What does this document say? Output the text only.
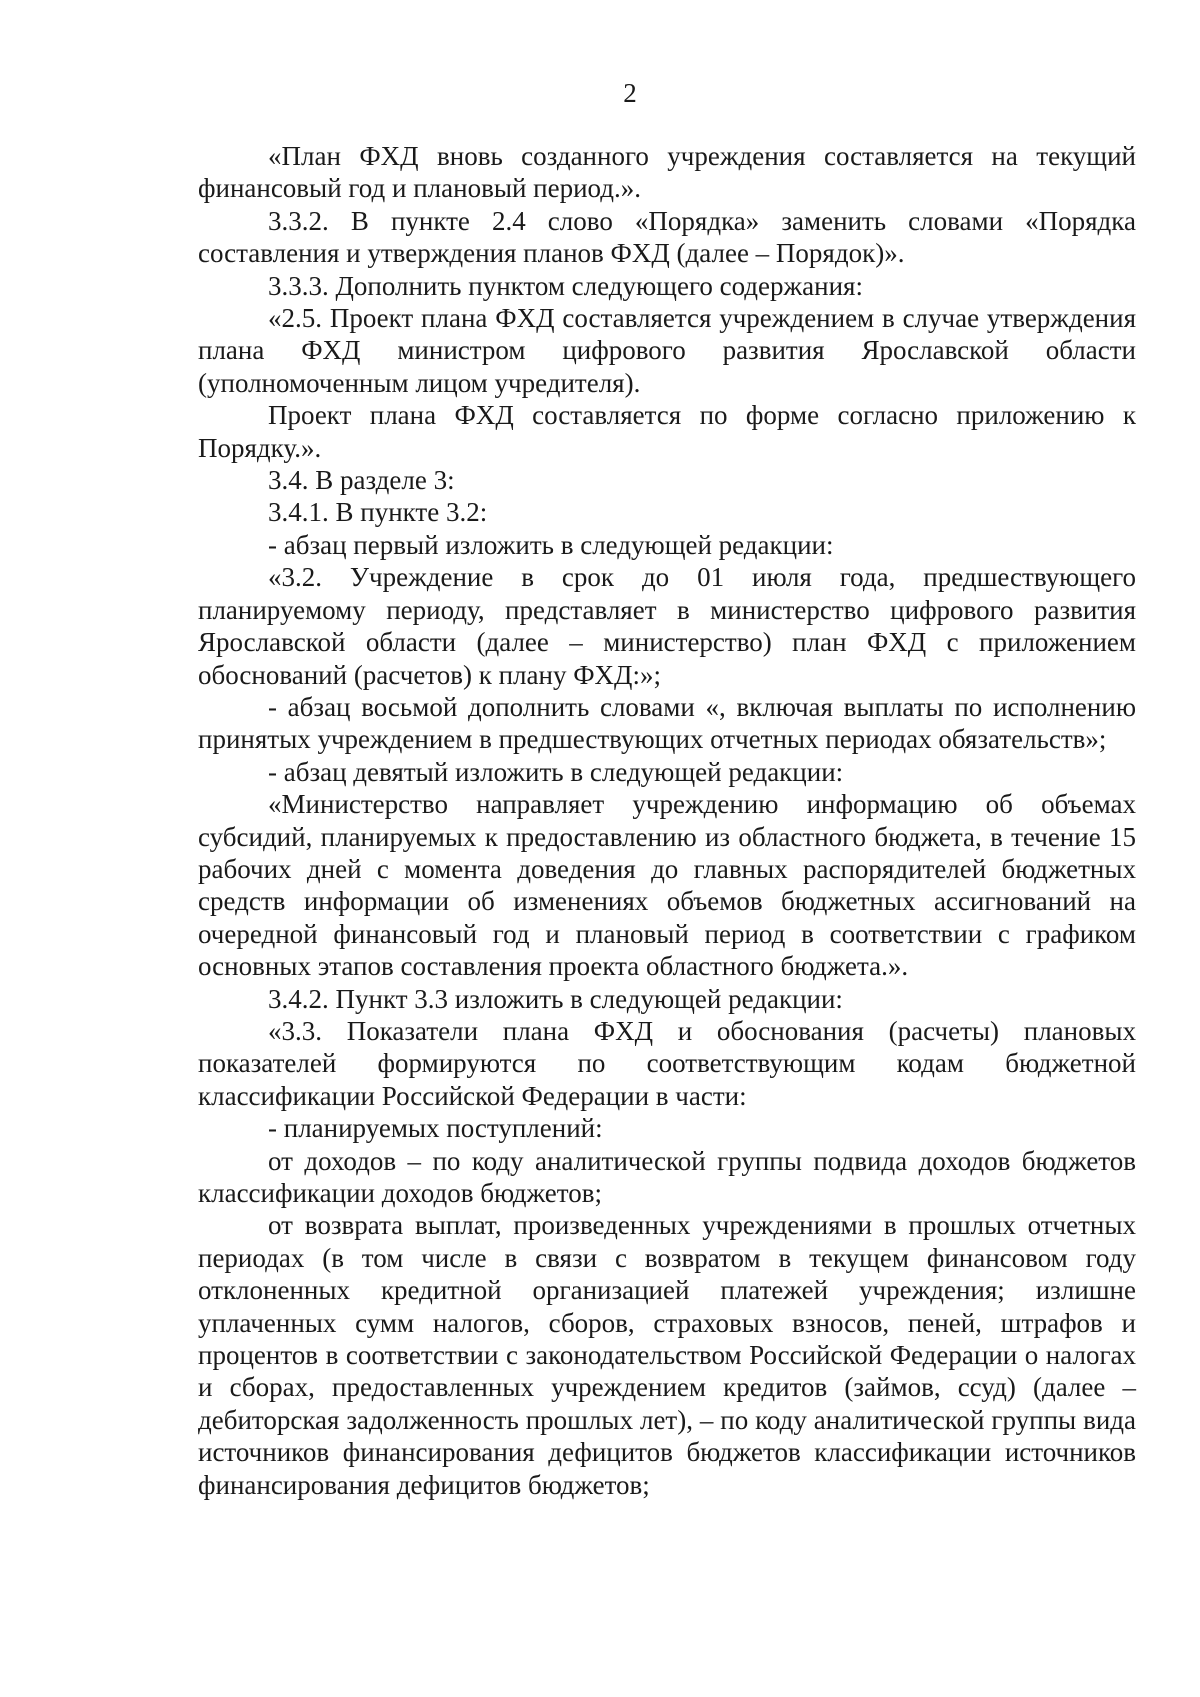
2

«План ФХД вновь созданного учреждения составляется на текущий финансовый год и плановый период.».

3.3.2. В пункте 2.4 слово «Порядка» заменить словами «Порядка составления и утверждения планов ФХД (далее – Порядок)».

3.3.3. Дополнить пунктом следующего содержания:

«2.5. Проект плана ФХД составляется учреждением в случае утверждения плана ФХД министром цифрового развития Ярославской области (уполномоченным лицом учредителя).

Проект плана ФХД составляется по форме согласно приложению к Порядку.».

3.4. В разделе 3:

3.4.1. В пункте 3.2:

- абзац первый изложить в следующей редакции:

«3.2. Учреждение в срок до 01 июля года, предшествующего планируемому периоду, представляет в министерство цифрового развития Ярославской области (далее – министерство) план ФХД с приложением обоснований (расчетов) к плану ФХД:»;

- абзац восьмой дополнить словами «, включая выплаты по исполнению принятых учреждением в предшествующих отчетных периодах обязательств»;

- абзац девятый изложить в следующей редакции:

«Министерство направляет учреждению информацию об объемах субсидий, планируемых к предоставлению из областного бюджета, в течение 15 рабочих дней с момента доведения до главных распорядителей бюджетных средств информации об изменениях объемов бюджетных ассигнований на очередной финансовый год и плановый период в соответствии с графиком основных этапов составления проекта областного бюджета.».

3.4.2. Пункт 3.3 изложить в следующей редакции:

«3.3. Показатели плана ФХД и обоснования (расчеты) плановых показателей формируются по соответствующим кодам бюджетной классификации Российской Федерации в части:

- планируемых поступлений:

от доходов – по коду аналитической группы подвида доходов бюджетов классификации доходов бюджетов;

от возврата выплат, произведенных учреждениями в прошлых отчетных периодах (в том числе в связи с возвратом в текущем финансовом году отклоненных кредитной организацией платежей учреждения; излишне уплаченных сумм налогов, сборов, страховых взносов, пеней, штрафов и процентов в соответствии с законодательством Российской Федерации о налогах и сборах, предоставленных учреждением кредитов (займов, ссуд) (далее – дебиторская задолженность прошлых лет), – по коду аналитической группы вида источников финансирования дефицитов бюджетов классификации источников финансирования дефицитов бюджетов;
